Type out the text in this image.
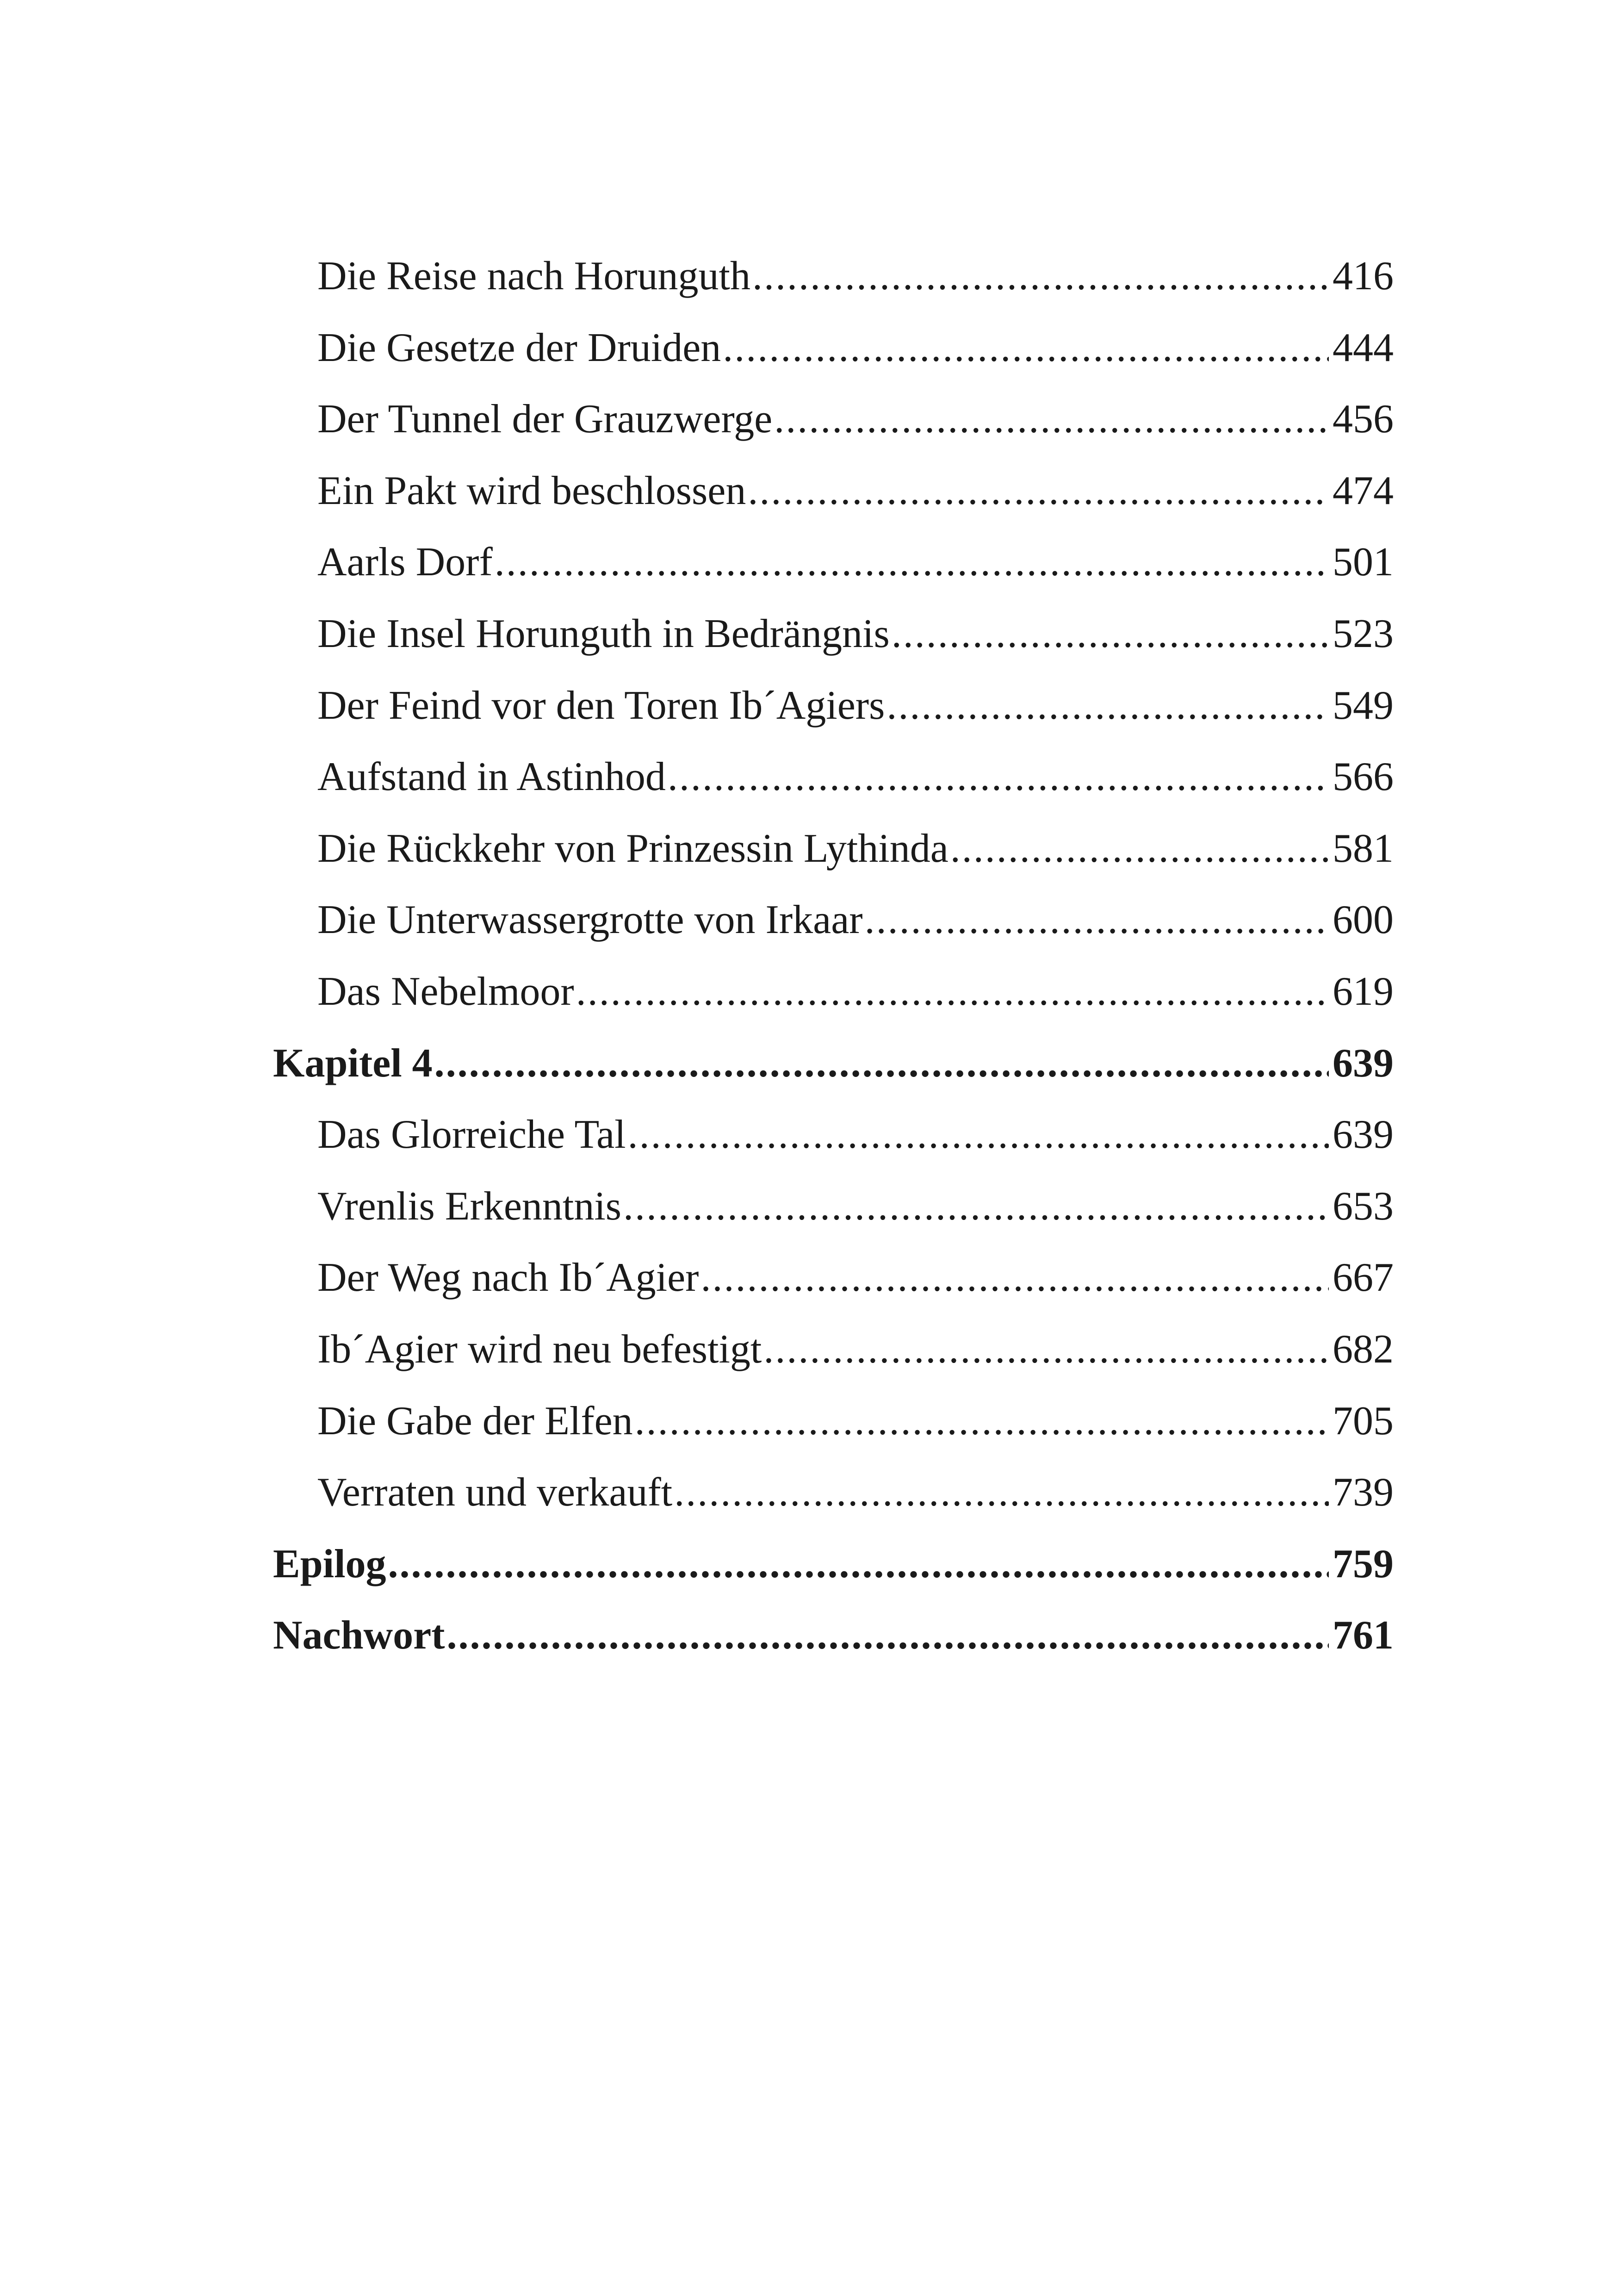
Die Reise nach Horunguth .....	416
Die Gesetze der Druiden .....	444
Der Tunnel der Grauzwerge .....	456
Ein Pakt wird beschlossen .....	474
Aarls Dorf .....	501
Die Insel Horunguth in Bedrängnis .....	523
Der Feind vor den Toren Ib´Agiers .....	549
Aufstand in Astinhod .....	566
Die Rückkehr von Prinzessin Lythinda .....	581
Die Unterwassergrotte von Irkaar .....	600
Das Nebelmoor .....	619
Kapitel 4 .....	639
Das Glorreiche Tal .....	639
Vrenlis Erkenntnis .....	653
Der Weg nach Ib´Agier .....	667
Ib´Agier wird neu befestigt .....	682
Die Gabe der Elfen .....	705
Verraten und verkauft .....	739
Epilog .....	759
Nachwort .....	761
